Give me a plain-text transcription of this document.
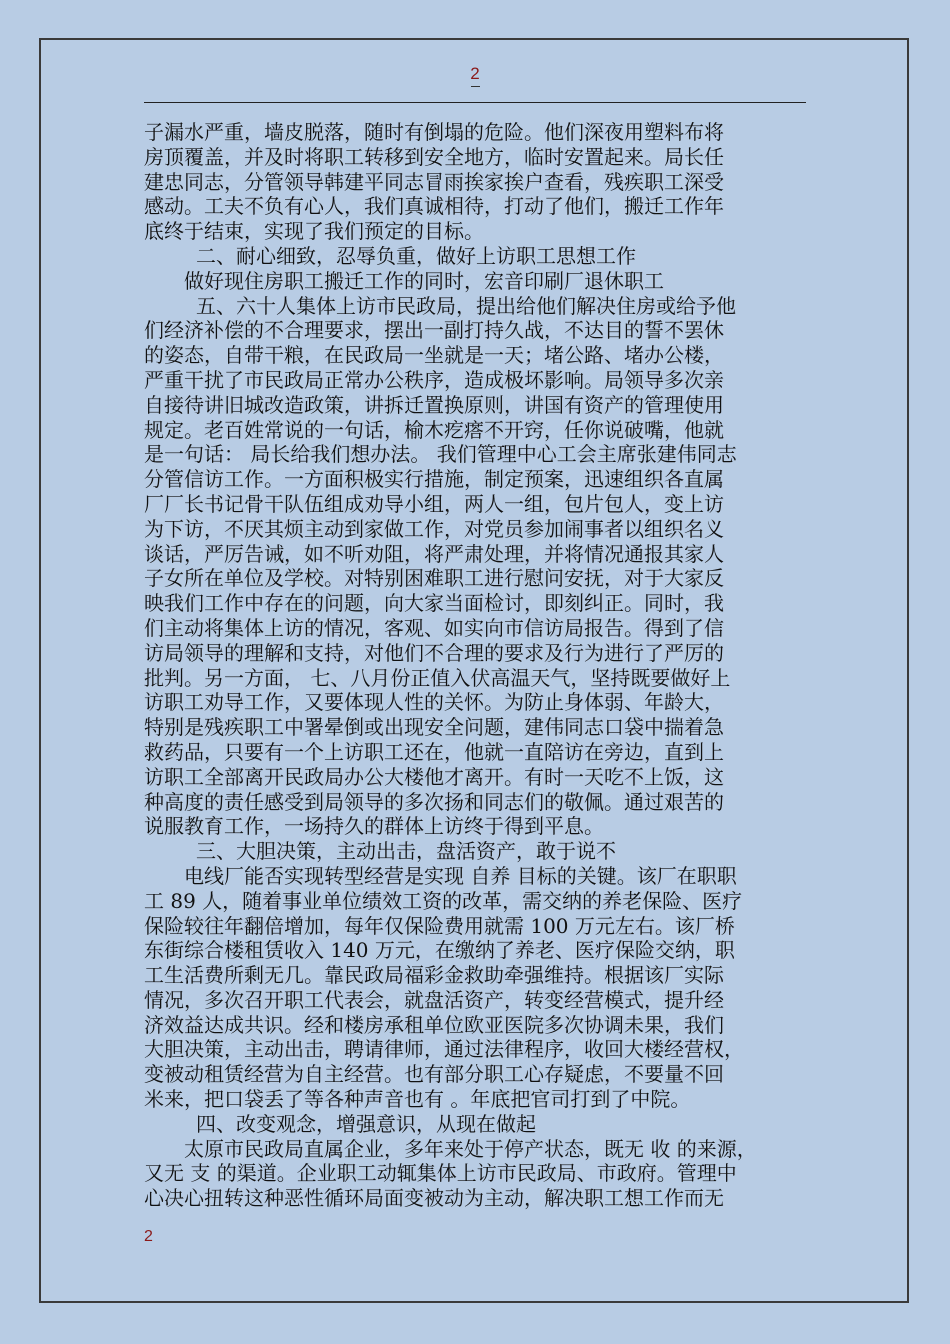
2
子漏水严重，墙皮脱落，随时有倒塌的危险。他们深夜用塑料布将
房顶覆盖，并及时将职工转移到安全地方，临时安置起来。局长任
建忠同志，分管领导韩建平同志冒雨挨家挨户查看，残疾职工深受
感动。工夫不负有心人，我们真诚相待，打动了他们，搬迁工作年
底终于结束，实现了我们预定的目标。
二、耐心细致，忍辱负重，做好上访职工思想工作
做好现住房职工搬迁工作的同时，宏音印刷厂退休职工
五、六十人集体上访市民政局，提出给他们解决住房或给予他
们经济补偿的不合理要求，摆出一副打持久战，不达目的誓不罢休
的姿态，自带干粮，在民政局一坐就是一天；堵公路、堵办公楼，
严重干扰了市民政局正常办公秩序，造成极坏影响。局领导多次亲
自接待讲旧城改造政策，讲拆迁置换原则，讲国有资产的管理使用
规定。老百姓常说的一句话，榆木疙瘩不开窍，任你说破嘴，他就
是一句话： 局长给我们想办法。 我们管理中心工会主席张建伟同志
分管信访工作。一方面积极实行措施，制定预案，迅速组织各直属
厂厂长书记骨干队伍组成劝导小组，两人一组，包片包人，变上访
为下访，不厌其烦主动到家做工作，对党员参加闹事者以组织名义
谈话，严厉告诫，如不听劝阻，将严肃处理，并将情况通报其家人
子女所在单位及学校。对特别困难职工进行慰问安抚，对于大家反
映我们工作中存在的问题，向大家当面检讨，即刻纠正。同时，我
们主动将集体上访的情况，客观、如实向市信访局报告。得到了信
访局领导的理解和支持，对他们不合理的要求及行为进行了严厉的
批判。另一方面， 七、八月份正值入伏高温天气，坚持既要做好上
访职工劝导工作，又要体现人性的关怀。为防止身体弱、年龄大，
特别是残疾职工中署晕倒或出现安全问题，建伟同志口袋中揣着急
救药品，只要有一个上访职工还在，他就一直陪访在旁边，直到上
访职工全部离开民政局办公大楼他才离开。有时一天吃不上饭，这
种高度的责任感受到局领导的多次扬和同志们的敬佩。通过艰苦的
说服教育工作，一场持久的群体上访终于得到平息。
三、大胆决策，主动出击，盘活资产，敢于说不
电线厂能否实现转型经营是实现 自养 目标的关键。该厂在职职
工 89 人，随着事业单位绩效工资的改革，需交纳的养老保险、医疗
保险较往年翻倍增加，每年仅保险费用就需 100 万元左右。该厂桥
东街综合楼租赁收入 140 万元，在缴纳了养老、医疗保险交纳，职
工生活费所剩无几。靠民政局福彩金救助牵强维持。根据该厂实际
情况，多次召开职工代表会，就盘活资产，转变经营模式，提升经
济效益达成共识。经和楼房承租单位欧亚医院多次协调未果，我们
大胆决策，主动出击，聘请律师，通过法律程序，收回大楼经营权，
变被动租赁经营为自主经营。也有部分职工心存疑虑，不要量不回
米来，把口袋丢了等各种声音也有 。年底把官司打到了中院。
四、改变观念，增强意识，从现在做起
太原市民政局直属企业，多年来处于停产状态，既无 收 的来源，
又无 支 的渠道。企业职工动辄集体上访市民政局、市政府。管理中
心决心扭转这种恶性循环局面变被动为主动，解决职工想工作而无
2
